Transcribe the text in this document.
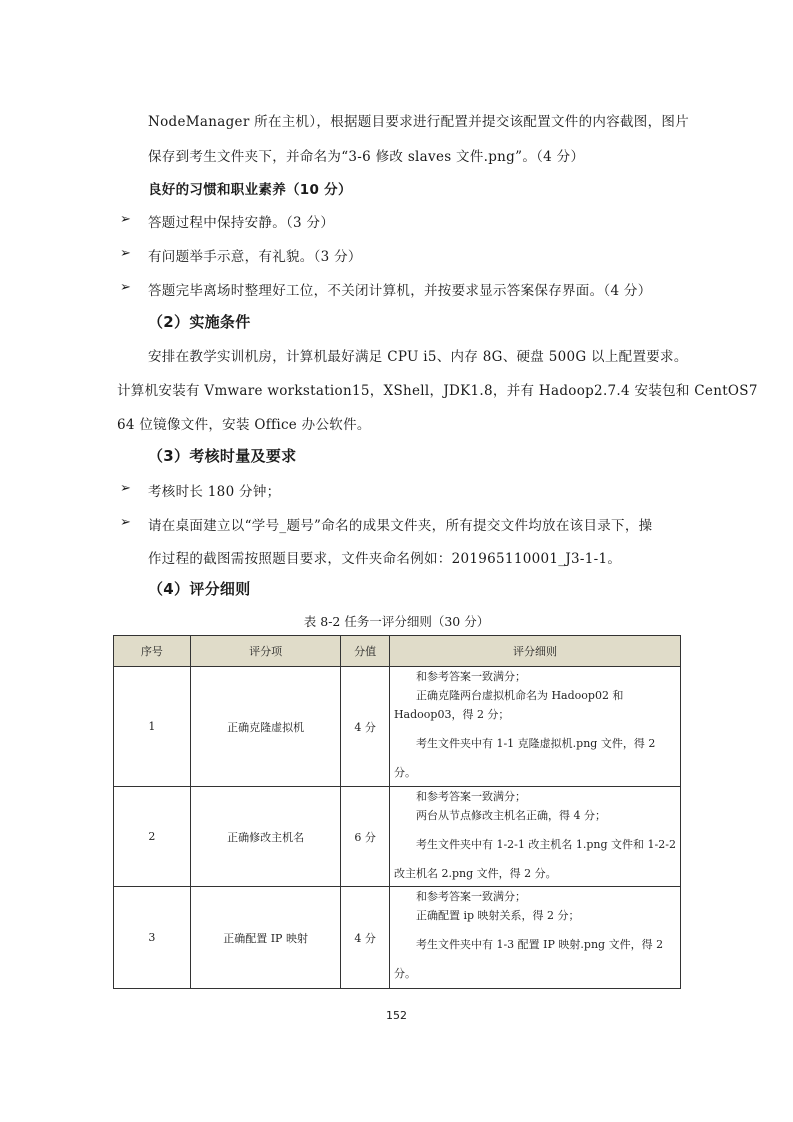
NodeManager 所在主机），根据题目要求进行配置并提交该配置文件的内容截图，图片
保存到考生文件夹下，并命名为“3-6 修改 slaves 文件.png”。（4 分）
良好的习惯和职业素养（10 分）
➢ 答题过程中保持安静。（3 分）
➢ 有问题举手示意，有礼貌。（3 分）
➢ 答题完毕离场时整理好工位，不关闭计算机，并按要求显示答案保存界面。（4 分）
（2）实施条件
安排在教学实训机房，计算机最好满足 CPU i5、内存 8G、硬盘 500G 以上配置要求。
计算机安装有 Vmware workstation15，XShell，JDK1.8，并有 Hadoop2.7.4 安装包和 CentOS7
64 位镜像文件，安装 Office 办公软件。
（3）考核时量及要求
➢ 考核时长 180 分钟；
➢ 请在桌面建立以“学号_题号”命名的成果文件夹，所有提交文件均放在该目录下，操
作过程的截图需按照题目要求，文件夹命名例如：201965110001_J3-1-1。
（4）评分细则
表 8-2 任务一评分细则（30 分）
序号	评分项	分值	评分细则
1	正确克隆虚拟机	4 分	和参考答案一致满分；
正确克隆两台虚拟机命名为 Hadoop02 和
Hadoop03，得 2 分；
考生文件夹中有 1-1 克隆虚拟机.png 文件，得 2
分。

2	正确修改主机名	6 分	和参考答案一致满分；
两台从节点修改主机名正确，得 4 分；
考生文件夹中有 1-2-1 改主机名 1.png 文件和 1-2-2
改主机名 2.png 文件，得 2 分。

3	正确配置 IP 映射	4 分	和参考答案一致满分；
正确配置 ip 映射关系，得 2 分；
考生文件夹中有 1-3 配置 IP 映射.png 文件，得 2
分。
152
